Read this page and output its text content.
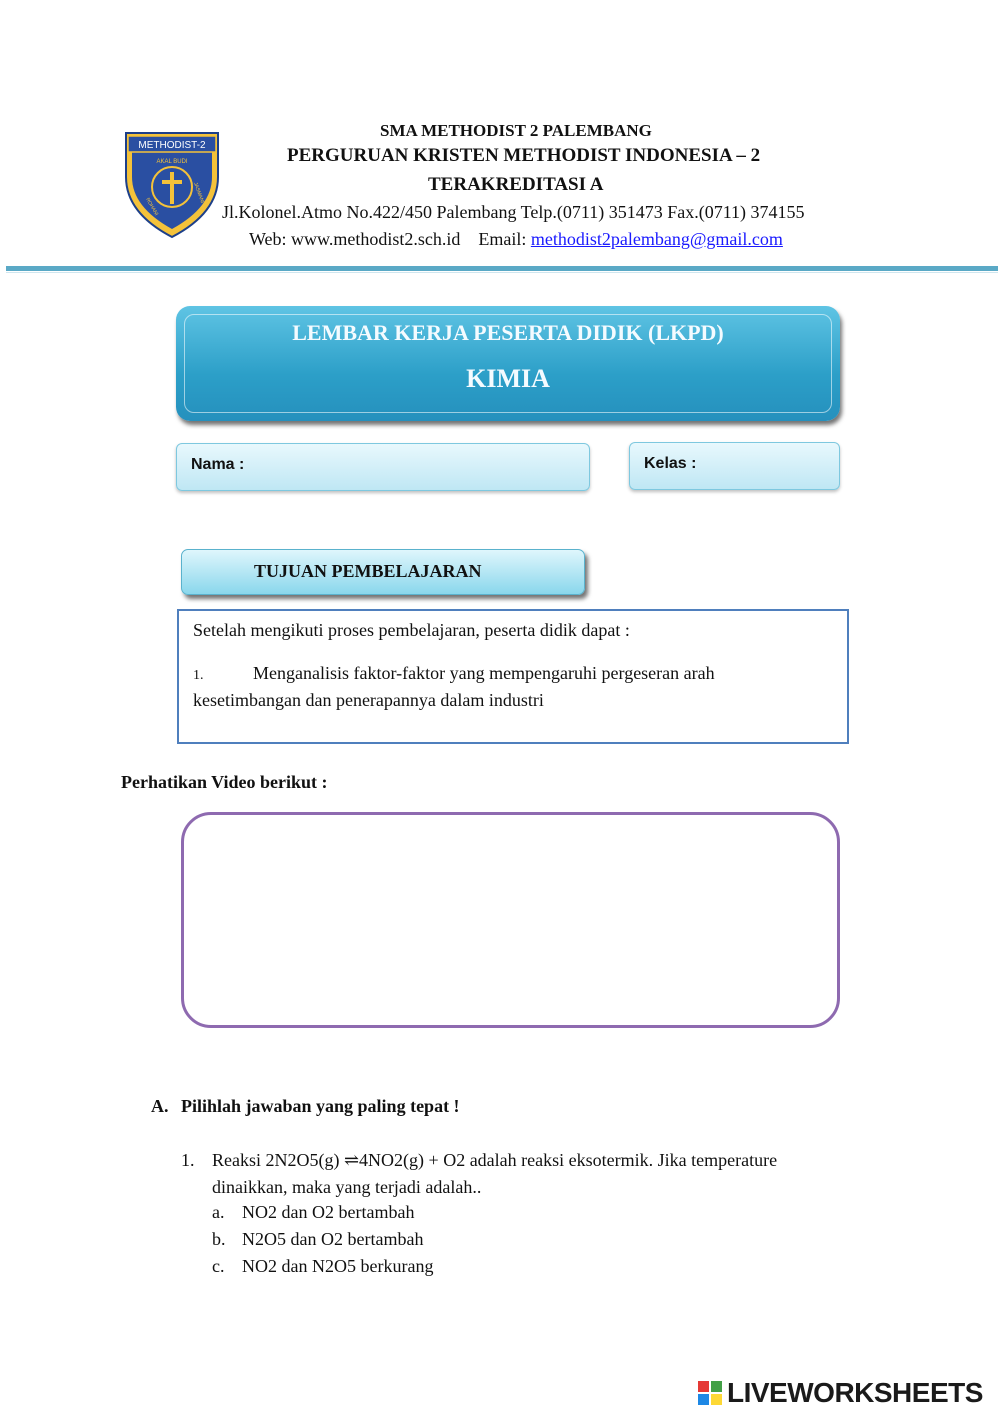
METHODIST-2
AKAL BUDI
ROHANI
JASMANI
SMA METHODIST 2 PALEMBANG
PERGURUAN KRISTEN METHODIST INDONESIA – 2
TERAKREDITASI A
Jl.Kolonel.Atmo No.422/450 Palembang Telp.(0711) 351473 Fax.(0711) 374155
Web: www.methodist2.sch.id Email: methodist2palembang@gmail.com
LEMBAR KERJA PESERTA DIDIK (LKPD)
KIMIA
Nama :	Kelas :
TUJUAN PEMBELAJARAN
Setelah mengikuti proses pembelajaran, peserta didik dapat :
1.	Menganalisis faktor-faktor yang mempengaruhi pergeseran arah
kesetimbangan dan penerapannya dalam industri
Perhatikan Video berikut :
A. Pilihlah jawaban yang paling tepat !
1. Reaksi 2N2O5(g) ⇌4NO2(g) + O2 adalah reaksi eksotermik. Jika temperature
dinaikkan, maka yang terjadi adalah..
a. NO2 dan O2 bertambah
b. N2O5 dan O2 bertambah
c. NO2 dan N2O5 berkurang
LIVEWORKSHEETS
